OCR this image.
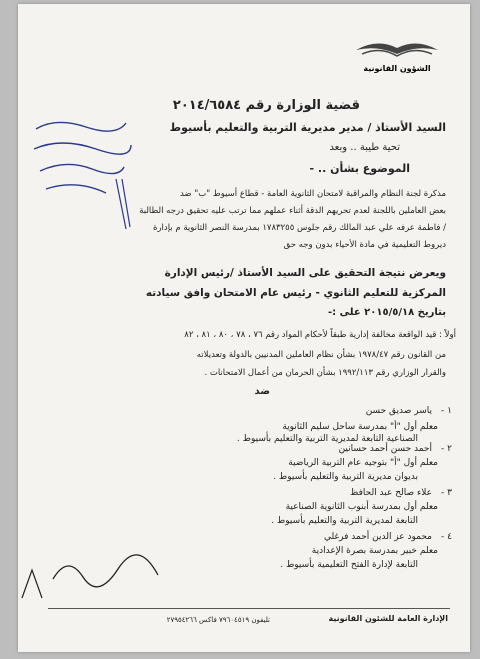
الشؤون القانونية
قضية الوزارة رقم ٢٠١٤/٦٥٨٤
السيد الأستاذ / مدير مديرية التربية والتعليم بأسيوط
تحية طيبة .. وبعد
الموضوع بشأن .. -
مذكرة لجنة النظام والمراقبة لامتحان الثانوية العامة - قطاع أسيوط "ب" ضد
بعض العاملين باللجنة لعدم تحريهم الدقة أثناء عملهم مما ترتب عليه تحقيق درجه الطالبة
/ فاطمة عرفه علي عبد المالك رقم جلوس ١٧٨٣٢٥٥ بمدرسة النصر الثانوية م بإدارة
ديروط التعليمية في مادة الأحياء بدون وجه حق
ويعرض نتيجة التحقيق على السيد الأستاذ /رئيس الإدارة
المركزية للتعليم الثانوي - رئيس عام الامتحان وافق سيادته
بتاريخ ٢٠١٥/٥/١٨ على :-
أولاً : قيد الواقعة مخالفة إدارية طبقاً لأحكام المواد رقم ٧٦ ، ٧٨ ، ٨٠ ، ٨١ ، ٨٢
من القانون رقم ١٩٧٨/٤٧ بشأن نظام العاملين المدنيين بالدولة وتعديلاته
والقرار الوزاري رقم ١٩٩٢/١١٣ بشأن الحرمان من أعمال الامتحانات .
ضد
١ -
ياسر صديق حسن
معلم أول "أ" بمدرسة ساحل سليم الثانوية
الصناعية التابعة لمديرية التربية والتعليم بأسيوط .
٢ -
أحمد حسن أحمد حسانين
معلم أول "أ" بتوجيه عام التربية الرياضية
بديوان مديرية التربية والتعليم بأسيوط .
٣ -
علاء صالح عبد الحافظ
معلم أول بمدرسة أبنوب الثانوية الصناعية
التابعة لمديرية التربية والتعليم بأسيوط .
٤ -
محمود عز الدين أحمد فرغلي
معلم خبير بمدرسة بصرة الإعدادية
التابعة لإدارة الفتح التعليمية بأسيوط .
الإدارة العامة للشئون القانونية
تليفون ٧٩٦٠٤٥١٩ فاكس ٢٧٩٥٤٢٦٦
